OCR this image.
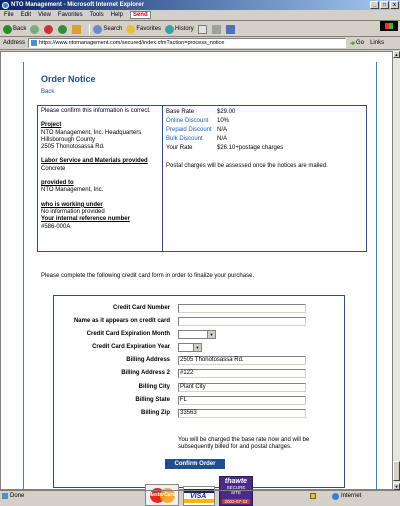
NTO Management - Microsoft Internet Explorer	_	□	x
File Edit View Favorites Tools Help	Send
Back	Search Favorites History
Address	https://www.ntomanagement.com/secured/index.cfm?action=process_notice	➔ Go Links
Order Notice
Back
Please confirm this information is correct.
Project
NTO Management, Inc. Headquarters
Hillsborough County
2505 Thonotosassa Rd.
Labor Service and Materials provided
Concrete
provided to
NTO Management, Inc.
who is working under
No information provided
Your internal reference number
#586-000A
Base Rate	$29.00
Online Discount	10%
Prepaid Discount N/A
Bulk Discount	N/A
Your Rate	$26.10+postage charges
Postal charges will be assessed once the notices are mailed.
Please complete the following credit card form in order to finalize your purchase.
Credit Card Number
Name as it appears on credit card
Credit Card Expiration Month	▼
Credit Card Expiration Year	▼
Billing Address	2505 Thonotosassa Rd.
Billing Address 2	#122
Billing City	Plant City
Billing State	FL
Billing Zip	33563
You will be charged the base rate now and will be subsequently billed for and postal charges.
Confirm Order
MasterCard VISA
thawte
SECURE
SITE
2003-07-22
▲
▼
Done	Internet
